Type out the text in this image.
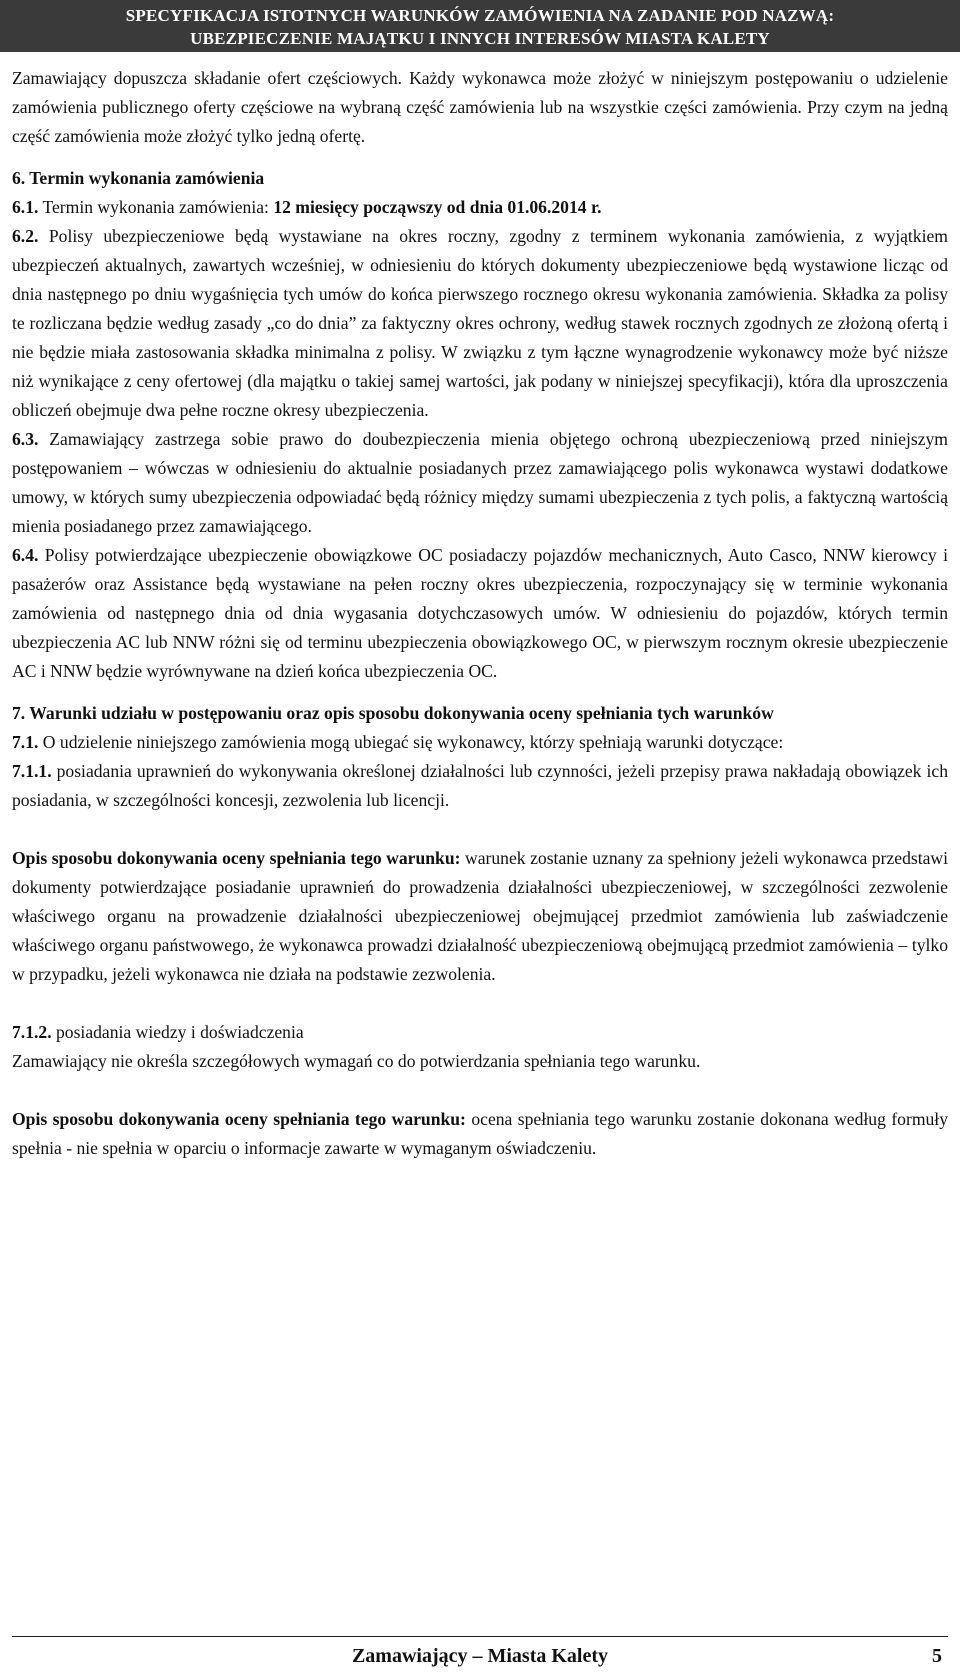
SPECYFIKACJA ISTOTNYCH WARUNKÓW ZAMÓWIENIA NA ZADANIE POD NAZWĄ:
UBEZPIECZENIE MAJĄTKU I INNYCH INTERESÓW MIASTA KALETY

Zamawiający dopuszcza składanie ofert częściowych. Każdy wykonawca może złożyć w niniejszym postępowaniu o udzielenie zamówienia publicznego oferty częściowe na wybraną część zamówienia lub na wszystkie części zamówienia. Przy czym na jedną część zamówienia może złożyć tylko jedną ofertę.

6. Termin wykonania zamówienia

6.1. Termin wykonania zamówienia: 12 miesięcy począwszy od dnia 01.06.2014 r.

6.2. Polisy ubezpieczeniowe będą wystawiane na okres roczny, zgodny z terminem wykonania zamówienia, z wyjątkiem ubezpieczeń aktualnych, zawartych wcześniej, w odniesieniu do których dokumenty ubezpieczeniowe będą wystawione licząc od dnia następnego po dniu wygaśnięcia tych umów do końca pierwszego rocznego okresu wykonania zamówienia. Składka za polisy te rozliczana będzie według zasady „co do dnia” za faktyczny okres ochrony, według stawek rocznych zgodnych ze złożoną ofertą i nie będzie miała zastosowania składka minimalna z polisy. W związku z tym łączne wynagrodzenie wykonawcy może być niższe niż wynikające z ceny ofertowej (dla majątku o takiej samej wartości, jak podany w niniejszej specyfikacji), która dla uproszczenia obliczeń obejmuje dwa pełne roczne okresy ubezpieczenia.

6.3. Zamawiający zastrzega sobie prawo do doubezpieczenia mienia objętego ochroną ubezpieczeniową przed niniejszym postępowaniem – wówczas w odniesieniu do aktualnie posiadanych przez zamawiającego polis wykonawca wystawi dodatkowe umowy, w których sumy ubezpieczenia odpowiadać będą różnicy między sumami ubezpieczenia z tych polis, a faktyczną wartością mienia posiadanego przez zamawiającego.

6.4. Polisy potwierdzające ubezpieczenie obowiązkowe OC posiadaczy pojazdów mechanicznych, Auto Casco, NNW kierowcy i pasażerów oraz Assistance będą wystawiane na pełen roczny okres ubezpieczenia, rozpoczynający się w terminie wykonania zamówienia od następnego dnia od dnia wygasania dotychczasowych umów. W odniesieniu do pojazdów, których termin ubezpieczenia AC lub NNW różni się od terminu ubezpieczenia obowiązkowego OC, w pierwszym rocznym okresie ubezpieczenie AC i NNW będzie wyrównywane na dzień końca ubezpieczenia OC.

7. Warunki udziału w postępowaniu oraz opis sposobu dokonywania oceny spełniania tych warunków

7.1. O udzielenie niniejszego zamówienia mogą ubiegać się wykonawcy, którzy spełniają warunki dotyczące:

7.1.1. posiadania uprawnień do wykonywania określonej działalności lub czynności, jeżeli przepisy prawa nakładają obowiązek ich posiadania, w szczególności koncesji, zezwolenia lub licencji.

Opis sposobu dokonywania oceny spełniania tego warunku: warunek zostanie uznany za spełniony jeżeli wykonawca przedstawi dokumenty potwierdzające posiadanie uprawnień do prowadzenia działalności ubezpieczeniowej, w szczególności zezwolenie właściwego organu na prowadzenie działalności ubezpieczeniowej obejmującej przedmiot zamówienia lub zaświadczenie właściwego organu państwowego, że wykonawca prowadzi działalność ubezpieczeniową obejmującą przedmiot zamówienia – tylko w przypadku, jeżeli wykonawca nie działa na podstawie zezwolenia.

7.1.2. posiadania wiedzy i doświadczenia

Zamawiający nie określa szczegółowych wymagań co do potwierdzania spełniania tego warunku.

Opis sposobu dokonywania oceny spełniania tego warunku: ocena spełniania tego warunku zostanie dokonana według formuły spełnia - nie spełnia w oparciu o informacje zawarte w wymaganym oświadczeniu.

Zamawiający – Miasta Kalety	5
